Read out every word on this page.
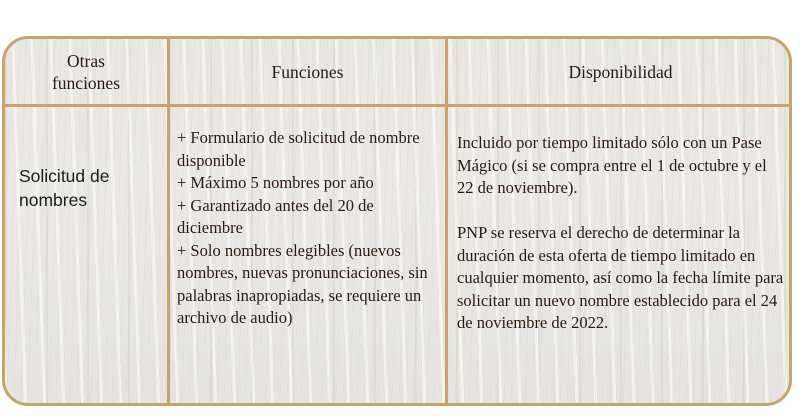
Otras funciones
Funciones	Disponibilidad
Solicitud de nombres
+ Formulario de solicitud de nombre disponible
+ Máximo 5 nombres por año
+ Garantizado antes del 20 de diciembre
+ Solo nombres elegibles (nuevos nombres, nuevas pronunciaciones, sin palabras inapropiadas, se requiere un archivo de audio)

Incluido por tiempo limitado sólo con un Pase Mágico (si se compra entre el 1 de octubre y el 22 de noviembre).

PNP se reserva el derecho de determinar la duración de esta oferta de tiempo limitado en cualquier momento, así como la fecha límite para solicitar un nuevo nombre establecido para el 24 de noviembre de 2022.
